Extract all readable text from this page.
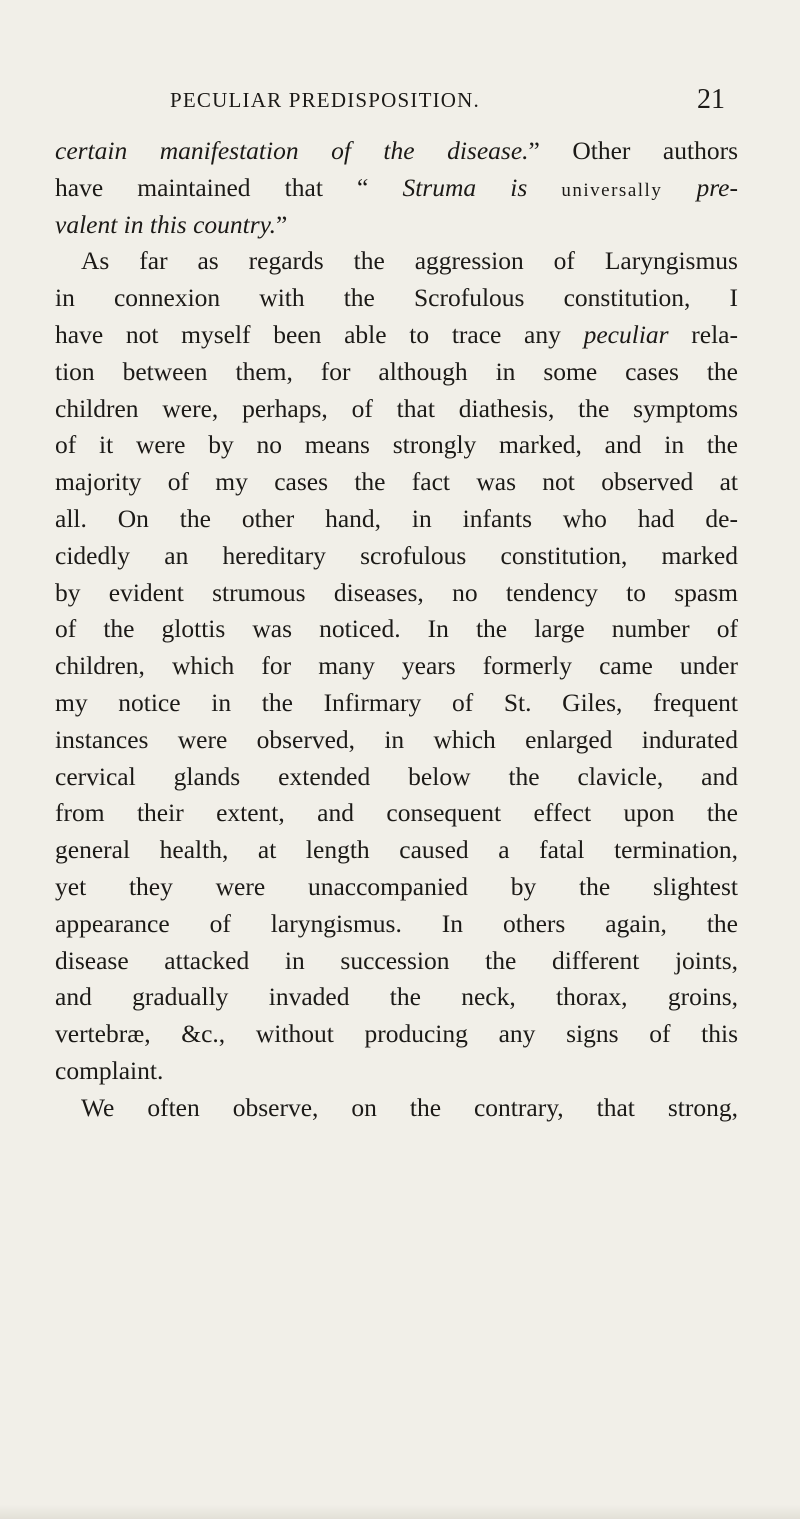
PECULIAR PREDISPOSITION.	21
certain manifestation of the disease.” Other authors
have maintained that “ Struma is universally pre-
valent in this country.”
As far as regards the aggression of Laryngismus
in connexion with the Scrofulous constitution, I
have not myself been able to trace any peculiar rela-
tion between them, for although in some cases the
children were, perhaps, of that diathesis, the symptoms
of it were by no means strongly marked, and in the
majority of my cases the fact was not observed at
all. On the other hand, in infants who had de-
cidedly an hereditary scrofulous constitution, marked
by evident strumous diseases, no tendency to spasm
of the glottis was noticed. In the large number of
children, which for many years formerly came under
my notice in the Infirmary of St. Giles, frequent
instances were observed, in which enlarged indurated
cervical glands extended below the clavicle, and
from their extent, and consequent effect upon the
general health, at length caused a fatal termination,
yet they were unaccompanied by the slightest
appearance of laryngismus. In others again, the
disease attacked in succession the different joints,
and gradually invaded the neck, thorax, groins,
vertebræ, &c., without producing any signs of this
complaint.
We often observe, on the contrary, that strong,
